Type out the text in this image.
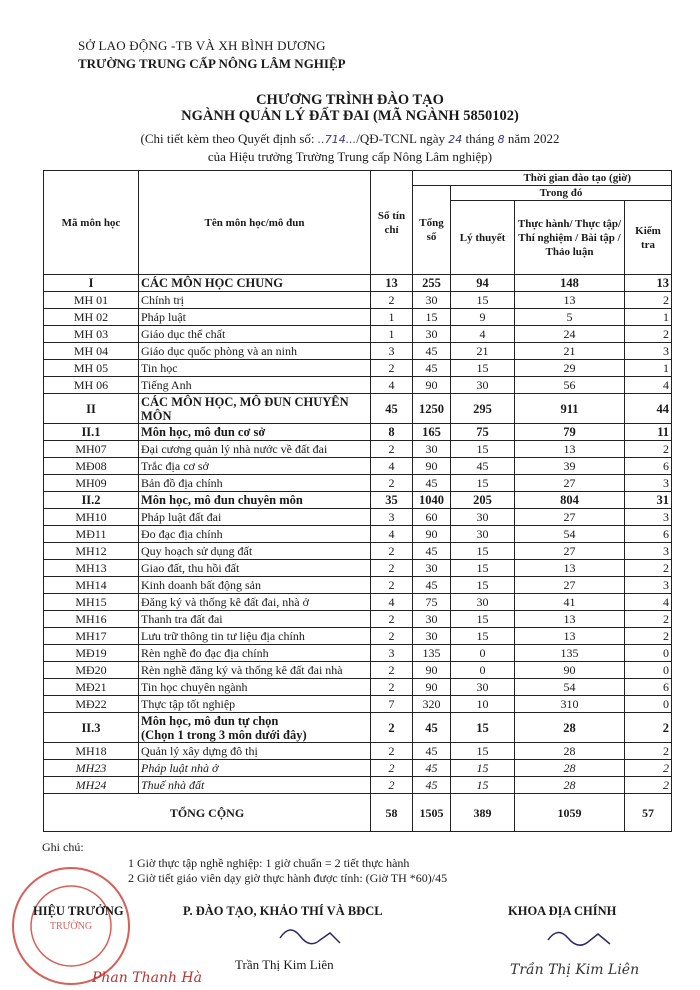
SỞ LAO ĐỘNG -TB VÀ XH BÌNH DƯƠNG
TRƯỜNG TRUNG CẤP NÔNG LÂM NGHIỆP
CHƯƠNG TRÌNH ĐÀO TẠO
NGÀNH QUẢN LÝ ĐẤT ĐAI (MÃ NGÀNH 5850102)
(Chi tiết kèm theo Quyết định số: ..714.../QĐ-TCNL ngày 24 tháng 8 năm 2022
của Hiệu trưởng Trường Trung cấp Nông Lâm nghiệp)
Mã môn học	Tên môn học/mô đun	Số tín chỉ	Thời gian đào tạo (giờ)			
			Tổng số	Trong đó		
				Lý thuyết	Thực hành/ Thực tập/ Thí nghiệm / Bài tập / Thảo luận	Kiểm tra
I	CÁC MÔN HỌC CHUNG	13	255	94	148	13
MH 01	Chính trị	2	30	15	13	2
MH 02	Pháp luật	1	15	9	5	1
MH 03	Giáo dục thể chất	1	30	4	24	2
MH 04	Giáo dục quốc phòng và an ninh	3	45	21	21	3
MH 05	Tin học	2	45	15	29	1
MH 06	Tiếng Anh	4	90	30	56	4
II	CÁC MÔN HỌC, MÔ ĐUN CHUYÊN MÔN	45	1250	295	911	44
II.1	Môn học, mô đun cơ sở	8	165	75	79	11
MH07	Đại cương quản lý nhà nước về đất đai	2	30	15	13	2
MĐ08	Trắc địa cơ sở	4	90	45	39	6
MH09	Bản đồ địa chính	2	45	15	27	3
II.2	Môn học, mô đun chuyên môn	35	1040	205	804	31
MH10	Pháp luật đất đai	3	60	30	27	3
MĐ11	Đo đạc địa chính	4	90	30	54	6
MH12	Quy hoạch sử dụng đất	2	45	15	27	3
MH13	Giao đất, thu hồi đất	2	30	15	13	2
MH14	Kinh doanh bất động sản	2	45	15	27	3
MH15	Đăng ký và thống kê đất đai, nhà ở	4	75	30	41	4
MH16	Thanh tra đất đai	2	30	15	13	2
MH17	Lưu trữ thông tin tư liệu địa chính	2	30	15	13	2
MĐ19	Rèn nghề đo đạc địa chính	3	135	0	135	0
MĐ20	Rèn nghề đăng ký và thống kê đất đai nhà	2	90	0	90	0
MĐ21	Tin học chuyên ngành	2	90	30	54	6
MĐ22	Thực tập tốt nghiệp	7	320	10	310	0
II.3	Môn học, mô đun tự chọn
(Chọn 1 trong 3 môn dưới đây)	2	45	15	28	2
MH18	Quản lý xây dựng đô thị	2	45	15	28	2
MH23	Pháp luật nhà ở	2	45	15	28	2
MH24	Thuế nhà đất	2	45	15	28	2
TỔNG CỘNG		58	1505	389	1059	57
Ghi chú:
1 Giờ thực tập nghề nghiệp: 1 giờ chuẩn = 2 tiết thực hành
2 Giờ tiết giáo viên dạy giờ thực hành được tính: (Giờ TH *60)/45
TRƯỜNG
HIỆU TRƯỞNG	P. ĐÀO TẠO, KHẢO THÍ VÀ BĐCL	KHOA ĐỊA CHÍNH
Trần Thị Kim Liên
Phan Thanh Hà	Trần Thị Kim Liên
